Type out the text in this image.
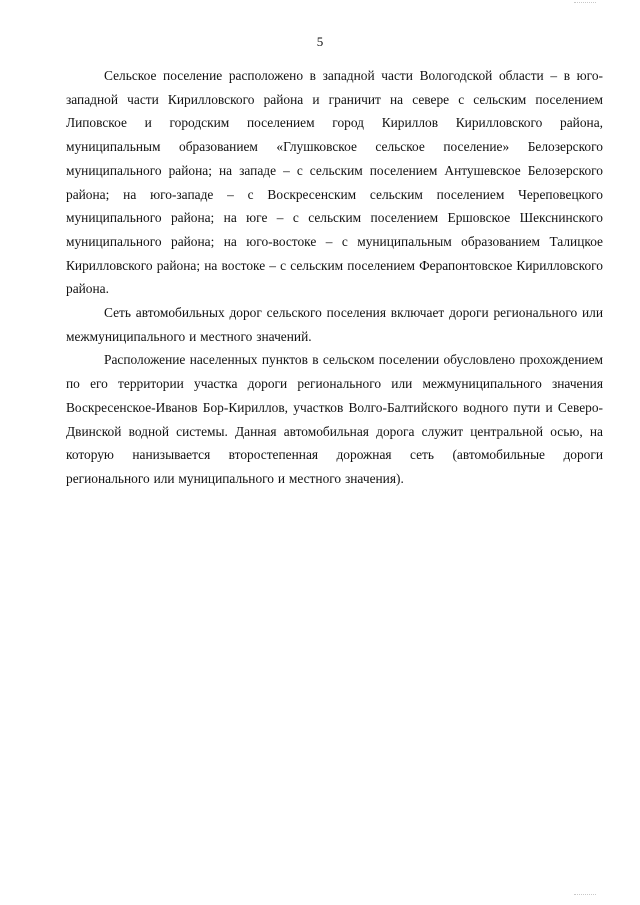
5

Сельское поселение расположено в западной части Вологодской области – в юго-западной части Кирилловского района и граничит на севере с сельским поселением Липовское и городским поселением город Кириллов Кирилловского района, муниципальным образованием «Глушковское сельское поселение» Белозерского муниципального района; на западе – с сельским поселением Антушевское Белозерского района; на юго-западе – с Воскресенским сельским поселением Череповецкого муниципального района; на юге – с сельским поселением Ершовское Шекснинского муниципального района; на юго-востоке – с муниципальным образованием Талицкое Кирилловского района; на востоке – с сельским поселением Ферапонтовское Кирилловского района.

Сеть автомобильных дорог сельского поселения включает дороги регионального или межмуниципального и местного значений.

Расположение населенных пунктов в сельском поселении обусловлено прохождением по его территории участка дороги регионального или межмуниципального значения Воскресенское-Иванов Бор-Кириллов, участков Волго-Балтийского водного пути и Северо-Двинской водной системы. Данная автомобильная дорога служит центральной осью, на которую нанизывается второстепенная дорожная сеть (автомобильные дороги регионального или муниципального и местного значения).
